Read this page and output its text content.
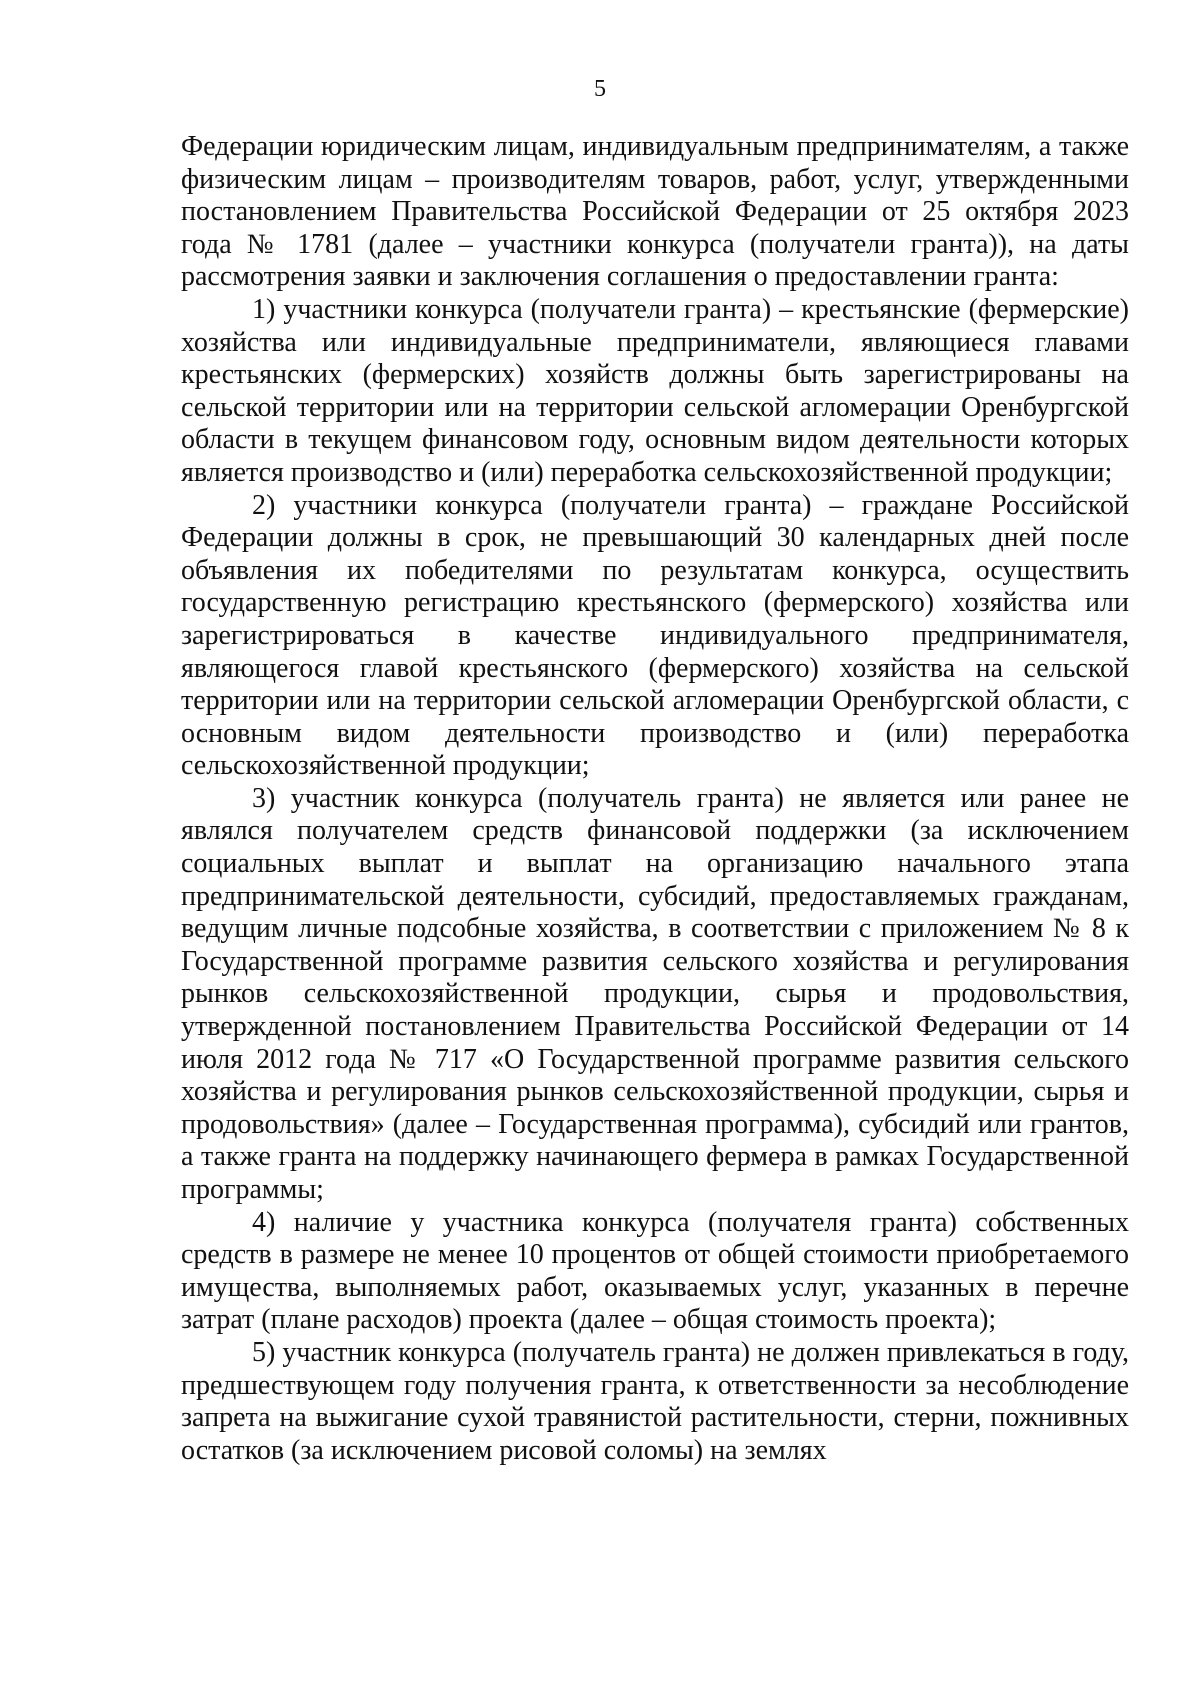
5

Федерации юридическим лицам, индивидуальным предпринимателям, а также физическим лицам – производителям товаров, работ, услуг, утвержденными постановлением Правительства Российской Федерации от 25 октября 2023 года № 1781 (далее – участники конкурса (получатели гранта)), на даты рассмотрения заявки и заключения соглашения о предоставлении гранта:

1) участники конкурса (получатели гранта) – крестьянские (фермерские) хозяйства или индивидуальные предприниматели, являющиеся главами крестьянских (фермерских) хозяйств должны быть зарегистрированы на сельской территории или на территории сельской агломерации Оренбургской области в текущем финансовом году, основным видом деятельности которых является производство и (или) переработка сельскохозяйственной продукции;

2) участники конкурса (получатели гранта) – граждане Российской Федерации должны в срок, не превышающий 30 календарных дней после объявления их победителями по результатам конкурса, осуществить государственную регистрацию крестьянского (фермерского) хозяйства или зарегистрироваться в качестве индивидуального предпринимателя, являющегося главой крестьянского (фермерского) хозяйства на сельской территории или на территории сельской агломерации Оренбургской области, с основным видом деятельности производство и (или) переработка сельскохозяйственной продукции;

3) участник конкурса (получатель гранта) не является или ранее не являлся получателем средств финансовой поддержки (за исключением социальных выплат и выплат на организацию начального этапа предпринимательской деятельности, субсидий, предоставляемых гражданам, ведущим личные подсобные хозяйства, в соответствии с приложением № 8 к Государственной программе развития сельского хозяйства и регулирования рынков сельскохозяйственной продукции, сырья и продовольствия, утвержденной постановлением Правительства Российской Федерации от 14 июля 2012 года № 717 «О Государственной программе развития сельского хозяйства и регулирования рынков сельскохозяйственной продукции, сырья и продовольствия» (далее – Государственная программа), субсидий или грантов, а также гранта на поддержку начинающего фермера в рамках Государственной программы;

4) наличие у участника конкурса (получателя гранта) собственных средств в размере не менее 10 процентов от общей стоимости приобретаемого имущества, выполняемых работ, оказываемых услуг, указанных в перечне затрат (плане расходов) проекта (далее – общая стоимость проекта);

5) участник конкурса (получатель гранта) не должен привлекаться в году, предшествующем году получения гранта, к ответственности за несоблюдение запрета на выжигание сухой травянистой растительности, стерни, пожнивных остатков (за исключением рисовой соломы) на землях
